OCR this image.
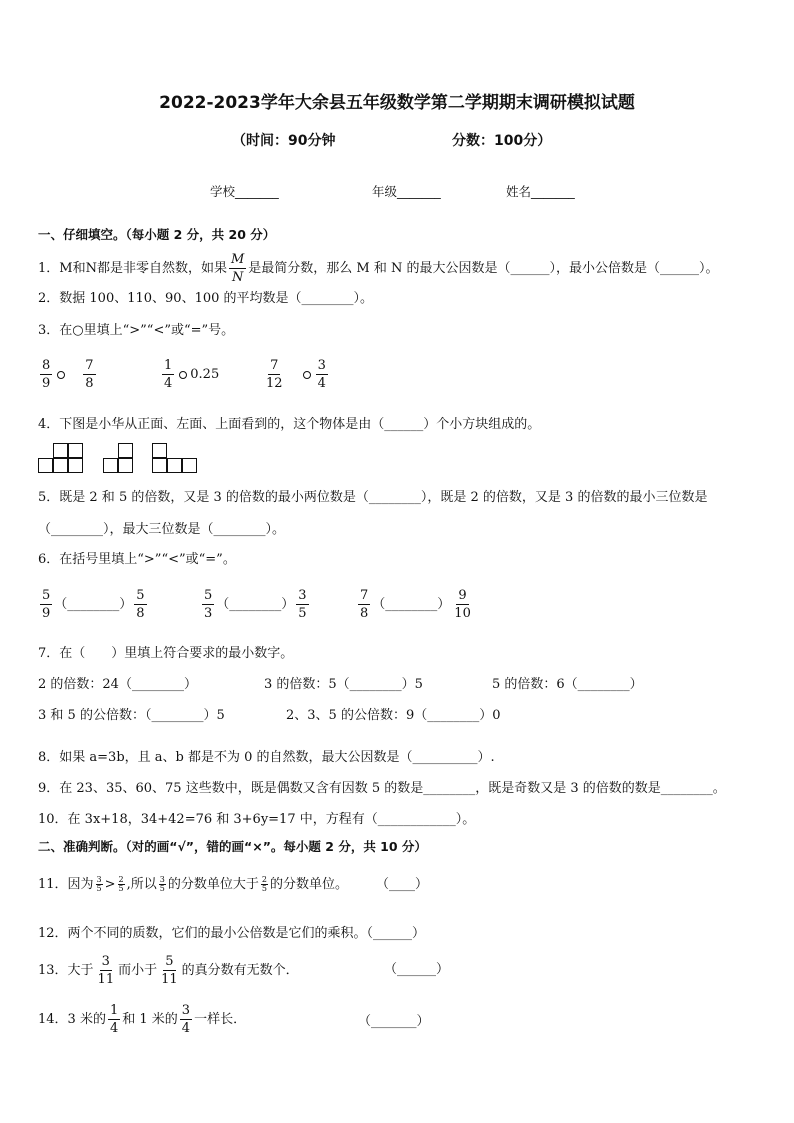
2022-2023学年大余县五年级数学第二学期期末调研模拟试题
（时间：90分钟	分数：100分）
学校_______	年级_______	姓名_______
一、仔细填空。（每小题 2 分，共 20 分）
1．M和N都是非零自然数，如果 $\frac{M}{N}$ 是最简分数，那么 M 和 N 的最大公因数是（______），最小公倍数是（______）。
2．数据 100、110、90、100 的平均数是（________）。
3．在○里填上“>”“<”或“=”号。
$\frac{8}{9}$
　 $\frac{7}{8}$	$\frac{1}{4} 0.25$	$\frac{7}{12}$
　 $\frac{3}{4}$
4．下图是小华从正面、左面、上面看到的，这个物体是由（______）个小方块组成的。
5．既是 2 和 5 的倍数，又是 3 的倍数的最小两位数是（________），既是 2 的倍数，又是 3 的倍数的最小三位数是
（________），最大三位数是（________）。
6．在括号里填上“>”“<”或“=”。
$\frac{5}{9}$ （________） $\frac{5}{8}$	$\frac{5}{3}$ （________） $\frac{3}{5}$	$\frac{7}{8}$ （________） $\frac{9}{10}$
7．在（　　）里填上符合要求的最小数字。
2 的倍数：24（________）	3 的倍数：5（________）5	5 的倍数：6（________）
3 和 5 的公倍数：（________）5	2、3、5 的公倍数：9（________）0
8．如果 a=3b，且 a、b 都是不为 0 的自然数，最大公因数是（__________）.
9．在 23、35、60、75 这些数中，既是偶数又含有因数 5 的数是________，既是奇数又是 3 的倍数的数是________。
10．在 3x+18，34+42=76 和 3+6y=17 中，方程有（____________）。
二、准确判断。（对的画“√”，错的画“×”。每小题 2 分，共 10 分）
11．因为 $\frac{3}{5} > \frac{2}{5}$ ,所以 $\frac{3}{5}$ 的分数单位大于 $\frac{2}{5}$ 的分数单位。 （____）
12．两个不同的质数，它们的最小公倍数是它们的乘积。（______）
13．大于 $\frac{3}{11}$ 而小于 $\frac{5}{11}$ 的真分数有无数个．	（______）
14．3 米的 $\frac{1}{4}$ 和 1 米的 $\frac{3}{4}$ 一样长．	（_______）
